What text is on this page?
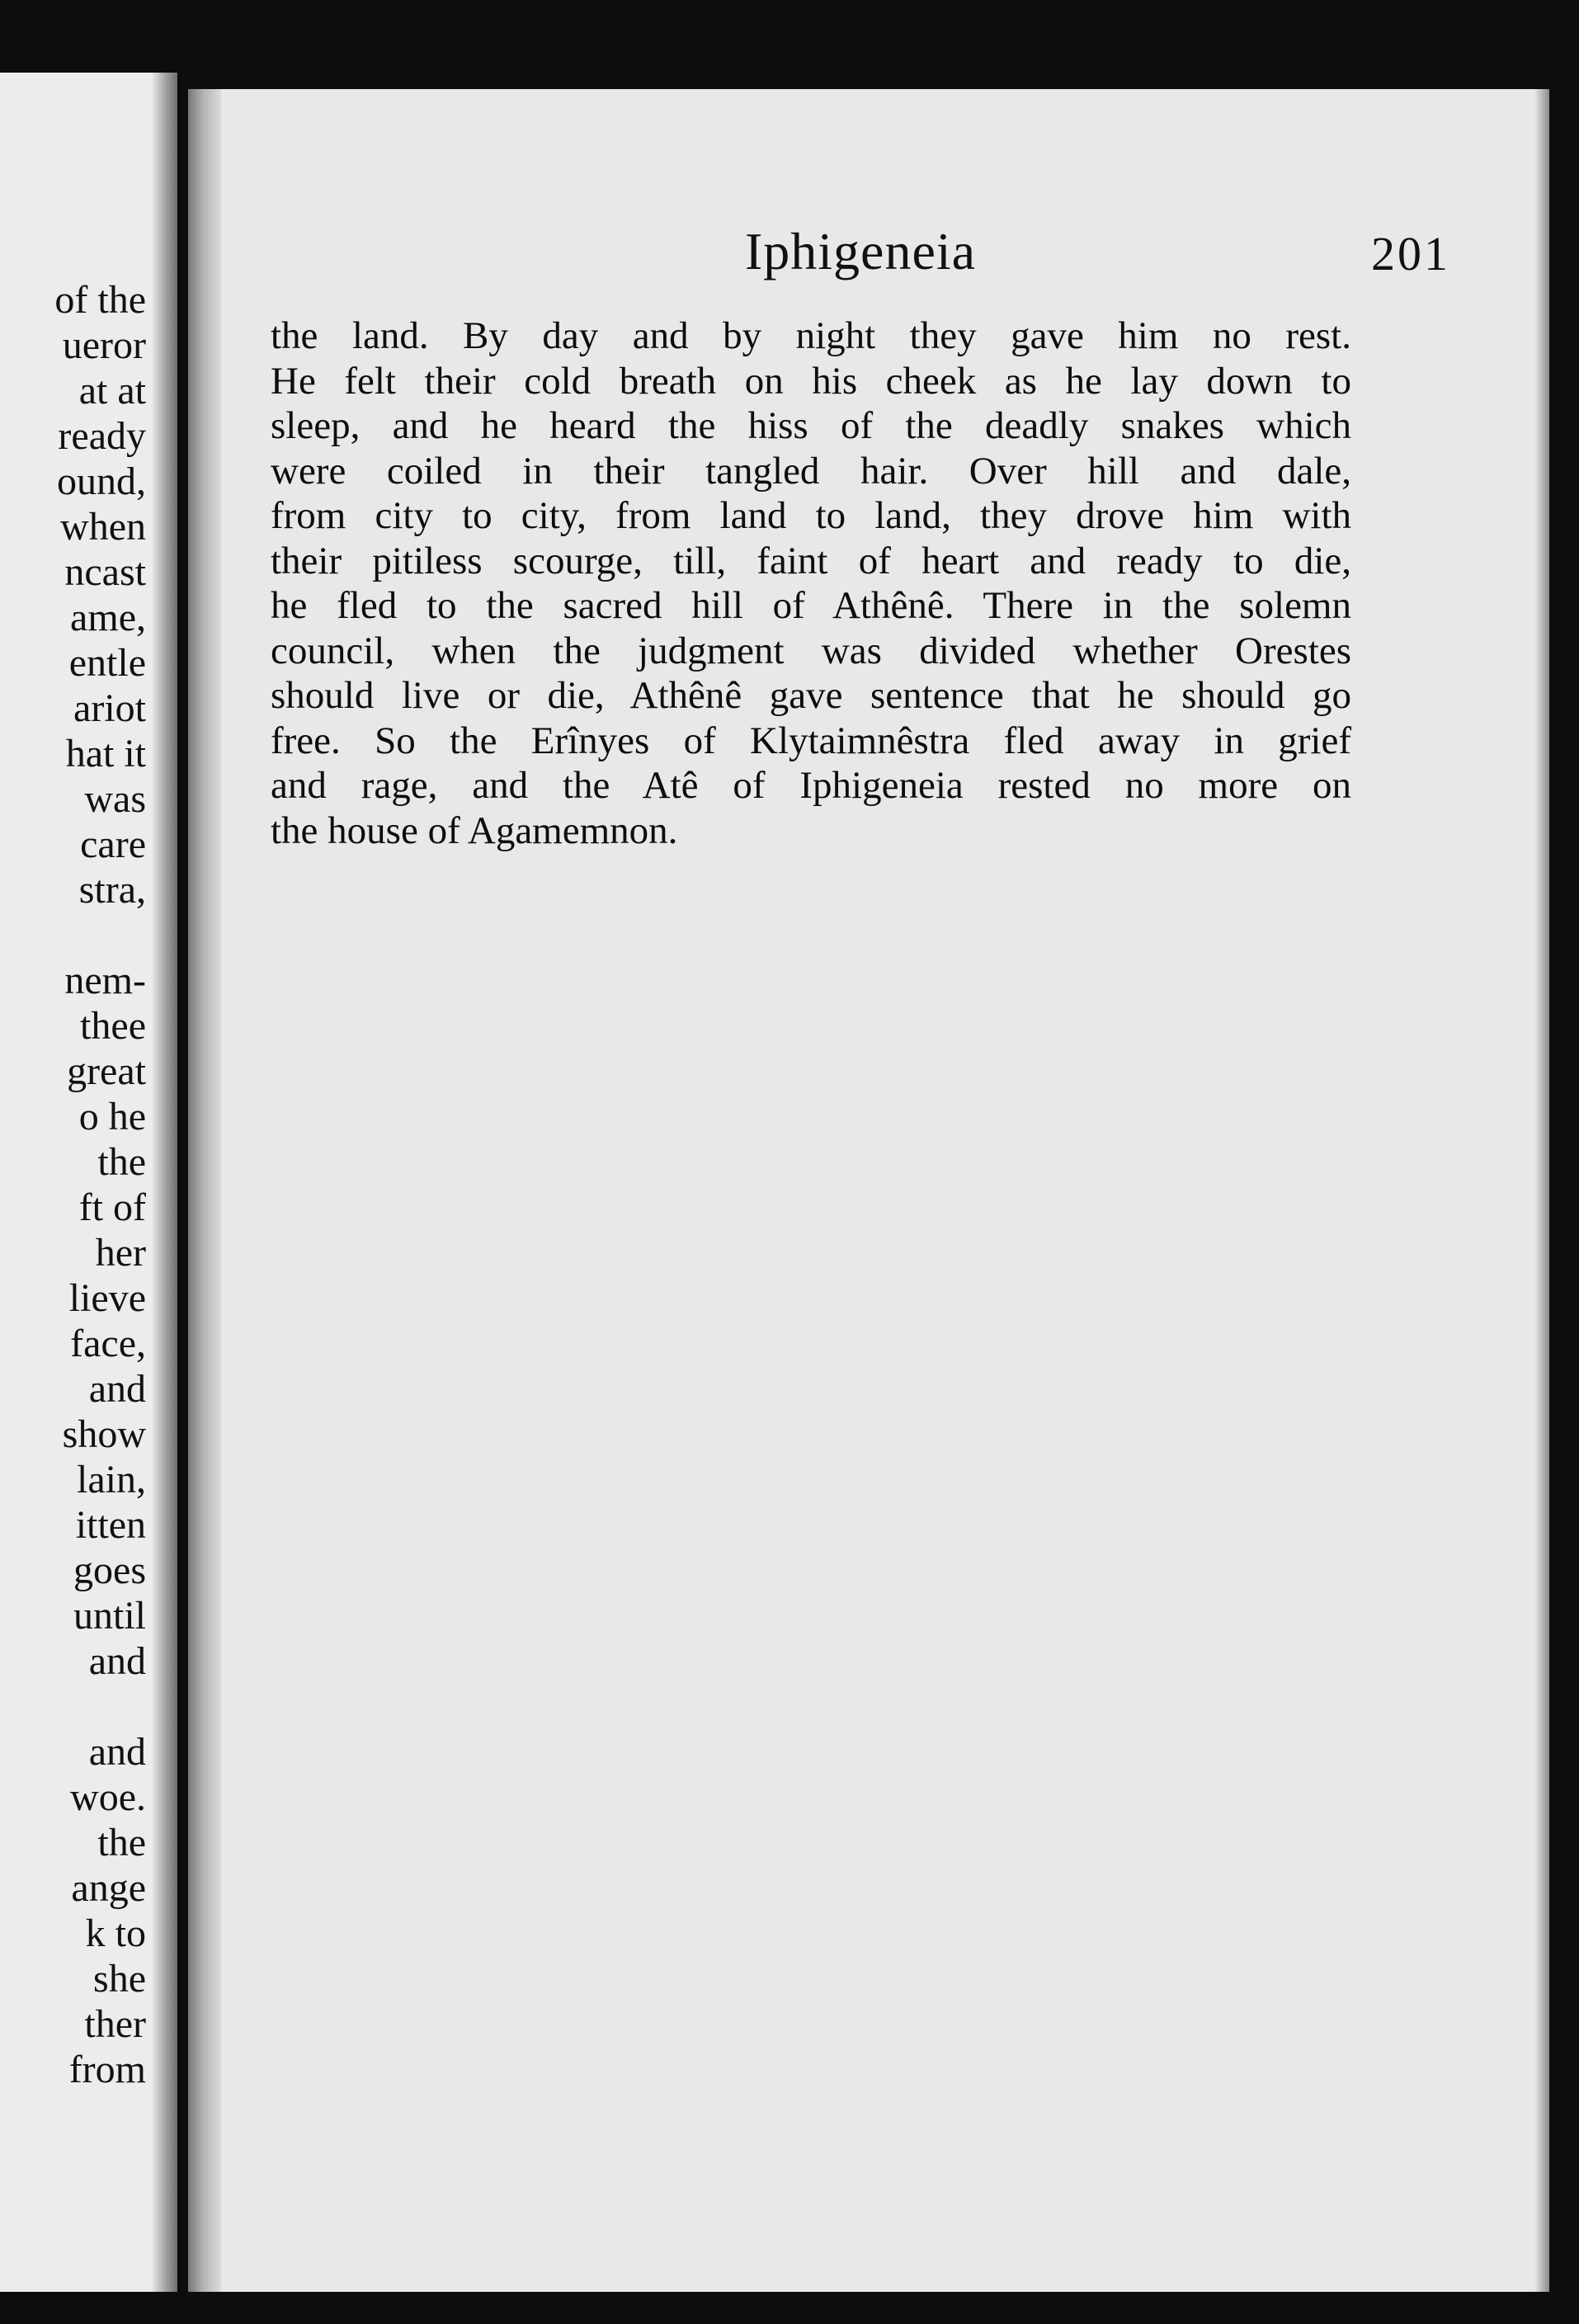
of the
ueror
at at
ready
ound,
when
ncast
ame,
entle
ariot
hat it
was
care
stra,
nem-
thee
great
o he
the
ft of
her
lieve
face,
and
show
lain,
itten
goes
until
and
and
woe.
the
ange
k to
she
ther
from
Iphigeneia	201
the land. By day and by night they gave him no rest.
He felt their cold breath on his cheek as he lay down to
sleep, and he heard the hiss of the deadly snakes which
were coiled in their tangled hair. Over hill and dale,
from city to city, from land to land, they drove him with
their pitiless scourge, till, faint of heart and ready to die,
he fled to the sacred hill of Athênê. There in the solemn
council, when the judgment was divided whether Orestes
should live or die, Athênê gave sentence that he should go
free. So the Erînyes of Klytaimnêstra fled away in grief
and rage, and the Atê of Iphigeneia rested no more on
the house of Agamemnon.
